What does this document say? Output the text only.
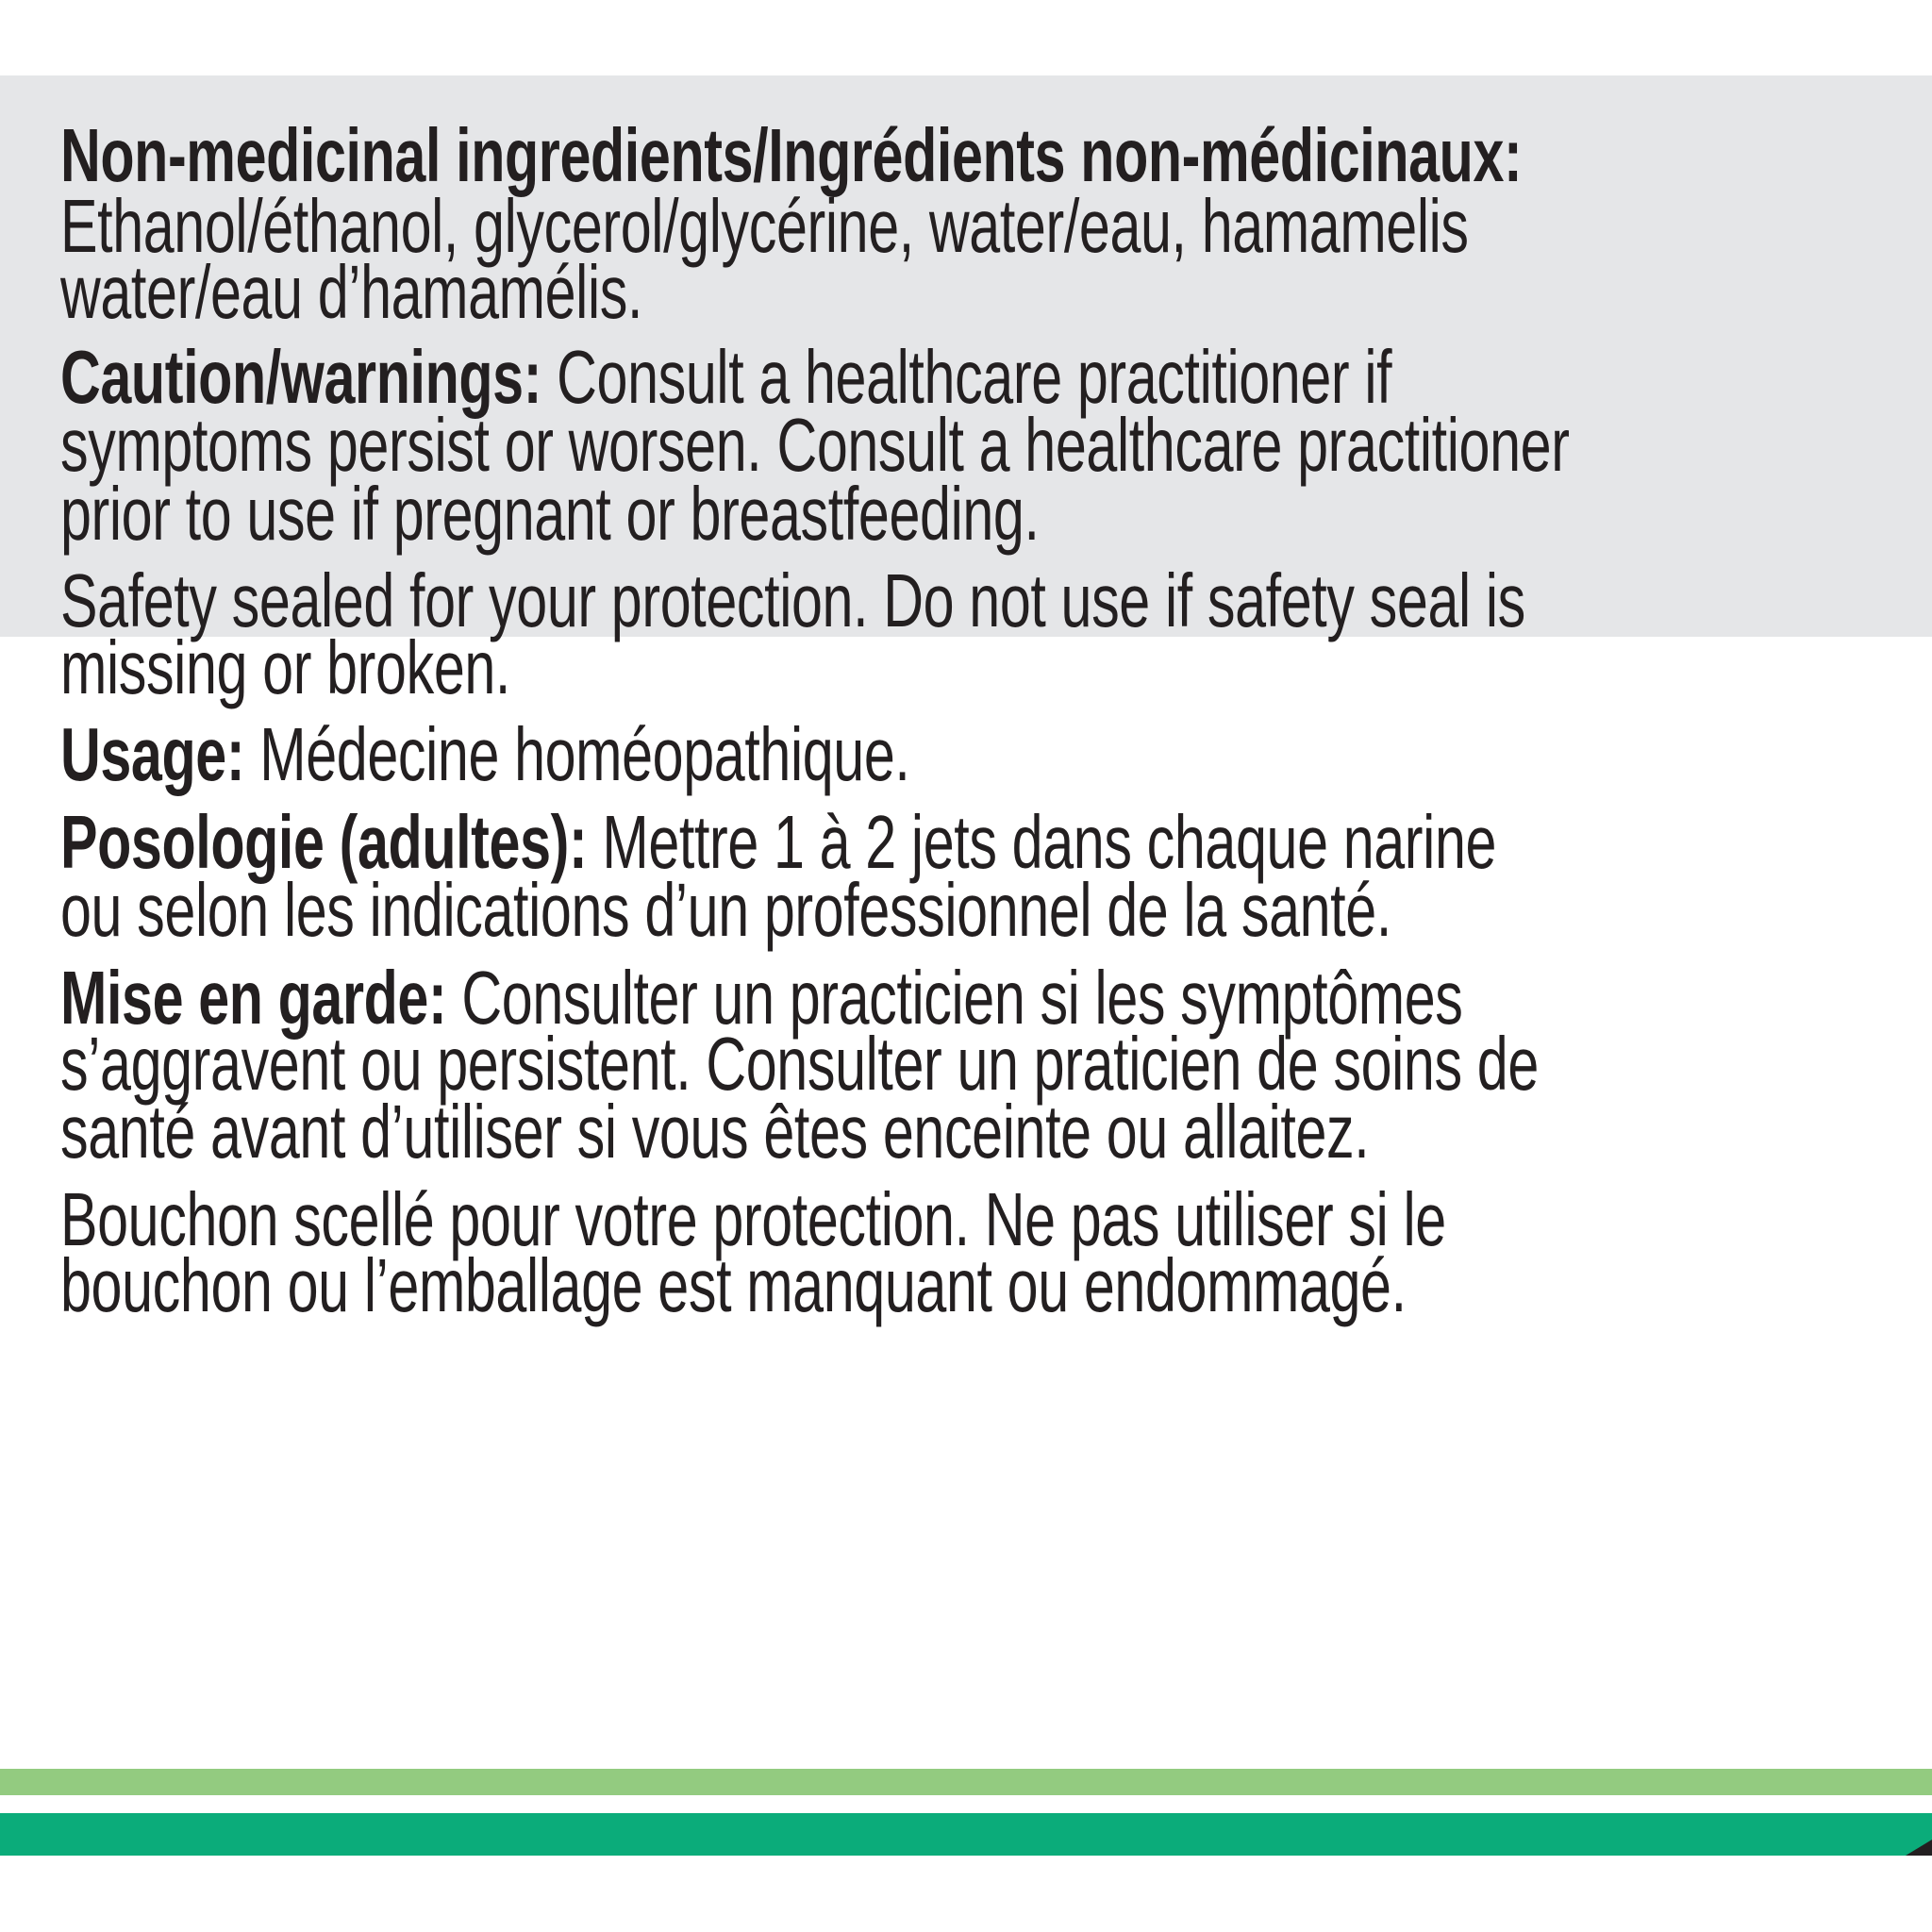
Non-medicinal ingredients/Ingrédients non-médicinaux:
Ethanol/éthanol, glycerol/glycérine, water/eau, hamamelis
water/eau d’hamamélis.
Caution/warnings: Consult a healthcare practitioner if
symptoms persist or worsen. Consult a healthcare practitioner
prior to use if pregnant or breastfeeding.
Safety sealed for your protection. Do not use if safety seal is
missing or broken.
Usage: Médecine homéopathique.
Posologie (adultes): Mettre 1 à 2 jets dans chaque narine
ou selon les indications d’un professionnel de la santé.
Mise en garde: Consulter un practicien si les symptômes
s’aggravent ou persistent. Consulter un praticien de soins de
santé avant d’utiliser si vous êtes enceinte ou allaitez.
Bouchon scellé pour votre protection. Ne pas utiliser si le
bouchon ou l’emballage est manquant ou endommagé.
